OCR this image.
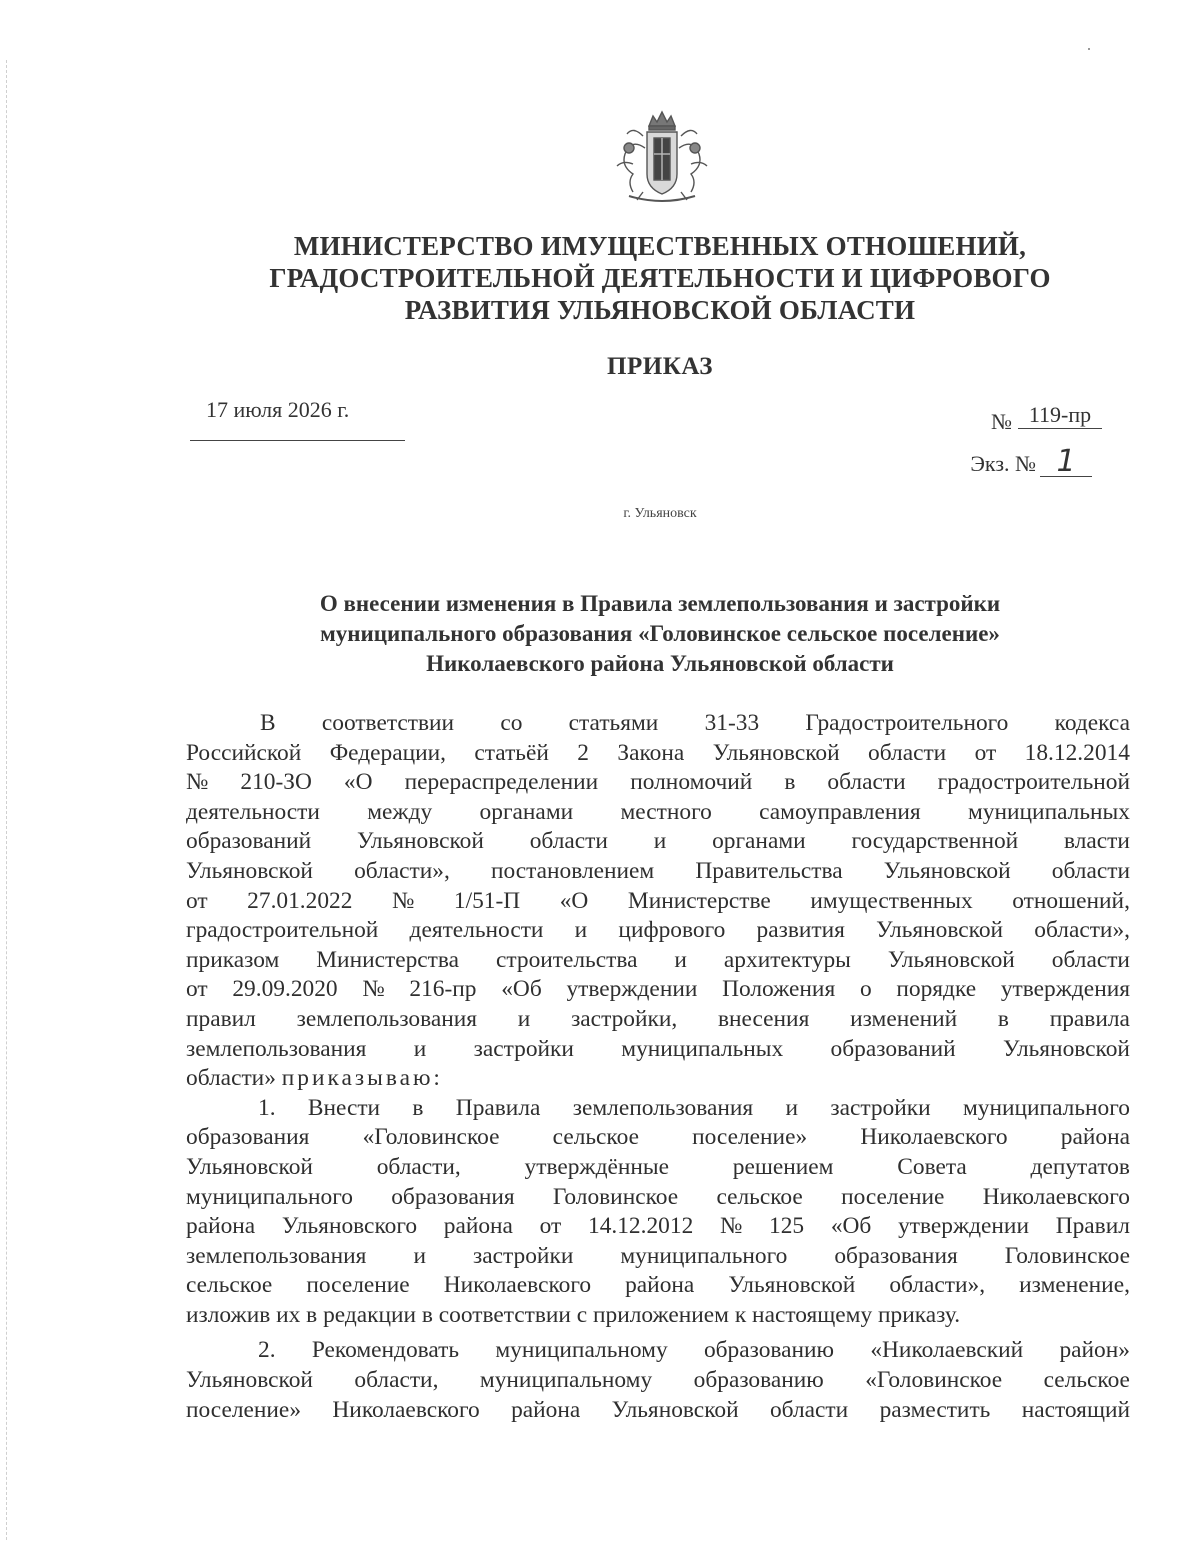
МИНИСТЕРСТВО ИМУЩЕСТВЕННЫХ ОТНОШЕНИЙ,
ГРАДОСТРОИТЕЛЬНОЙ ДЕЯТЕЛЬНОСТИ И ЦИФРОВОГО
РАЗВИТИЯ УЛЬЯНОВСКОЙ ОБЛАСТИ
ПРИКАЗ
17 июля 2026 г.	№ 119-пр
Экз. № 1
г. Ульяновск
О внесении изменения в Правила землепользования и застройки
муниципального образования «Головинское сельское поселение»
Николаевского района Ульяновской области
В соответствии со статьями 31-33 Градостроительного кодекса
Российской Федерации, статьёй 2 Закона Ульяновской области от 18.12.2014
№ 210-ЗО «О перераспределении полномочий в области градостроительной
деятельности между органами местного самоуправления муниципальных
образований Ульяновской области и органами государственной власти
Ульяновской области», постановлением Правительства Ульяновской области
от 27.01.2022 № 1/51-П «О Министерстве имущественных отношений,
градостроительной деятельности и цифрового развития Ульяновской области»,
приказом Министерства строительства и архитектуры Ульяновской области
от 29.09.2020 № 216-пр «Об утверждении Положения о порядке утверждения
правил землепользования и застройки, внесения изменений в правила
землепользования и застройки муниципальных образований Ульяновской
области»
приказываю:
1. Внести в Правила землепользования и застройки муниципального
образования «Головинское сельское поселение» Николаевского района
Ульяновской	области,	утверждённые	решением	Совета	депутатов
муниципального образования Головинское сельское поселение Николаевского
района Ульяновского района от 14.12.2012 № 125 «Об утверждении Правил
землепользования и застройки муниципального образования Головинское
сельское поселение Николаевского района Ульяновской области», изменение,
изложив их в редакции в соответствии с приложением к настоящему приказу.
2. Рекомендовать муниципальному образованию «Николаевский район»
Ульяновской области, муниципальному образованию «Головинское сельское
поселение» Николаевского района Ульяновской области разместить настоящий
